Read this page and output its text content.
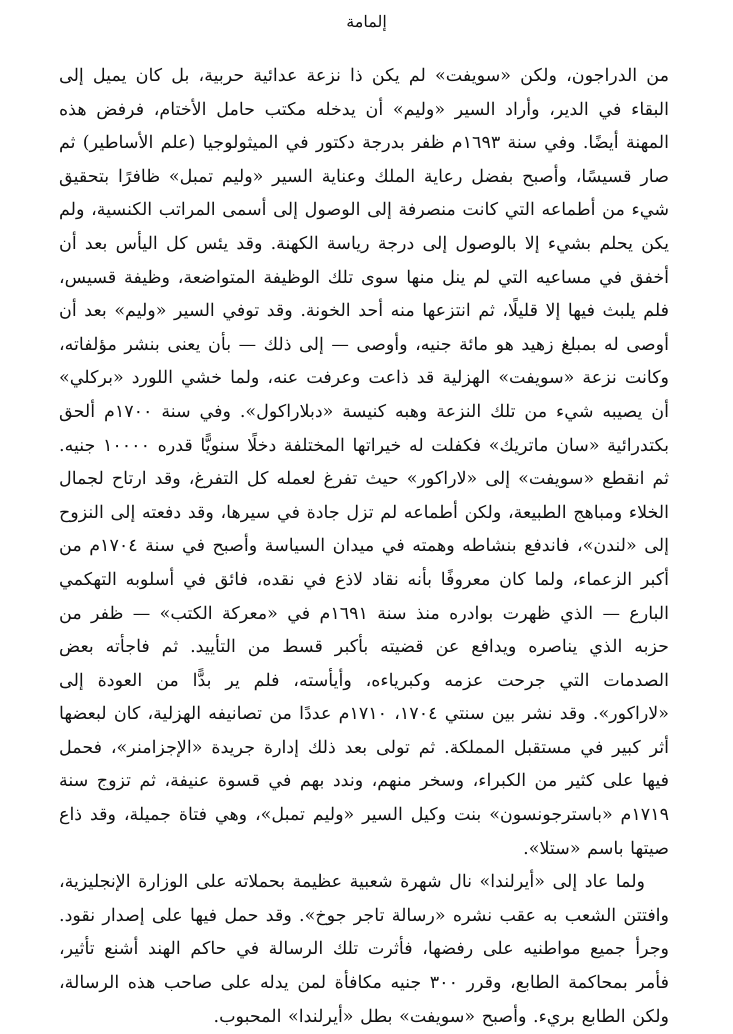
إلمامة

من الدراجون، ولكن «سويفت» لم يكن ذا نزعة عدائية حربية، بل كان يميل إلى البقاء في الدير، وأراد السير «وليم» أن يدخله مكتب حامل الأختام، فرفض هذه المهنة أيضًا. وفي سنة ١٦٩٣م ظفر بدرجة دكتور في الميثولوجيا (علم الأساطير) ثم صار قسيسًا، وأصبح بفضل رعاية الملك وعناية السير «وليم تمبل» ظافرًا بتحقيق شيء من أطماعه التي كانت منصرفة إلى الوصول إلى أسمى المراتب الكنسية، ولم يكن يحلم بشيء إلا بالوصول إلى درجة رياسة الكهنة. وقد يئس كل اليأس بعد أن أخفق في مساعيه التي لم ينل منها سوى تلك الوظيفة المتواضعة، وظيفة قسيس، فلم يلبث فيها إلا قليلًا، ثم انتزعها منه أحد الخونة. وقد توفي السير «وليم» بعد أن أوصى له بمبلغ زهيد هو مائة جنيه، وأوصى — إلى ذلك — بأن يعنى بنشر مؤلفاته، وكانت نزعة «سويفت» الهزلية قد ذاعت وعرفت عنه، ولما خشي اللورد «بركلي» أن يصيبه شيء من تلك النزعة وهبه كنيسة «دبلاراكول». وفي سنة ١٧٠٠م ألحق بكتدرائية «سان ماتريك» فكفلت له خيراتها المختلفة دخلًا سنويًّا قدره ١٠٠٠٠ جنيه. ثم انقطع «سويفت» إلى «لاراكور» حيث تفرغ لعمله كل التفرغ، وقد ارتاح لجمال الخلاء ومباهج الطبيعة، ولكن أطماعه لم تزل جادة في سيرها، وقد دفعته إلى النزوح إلى «لندن»، فاندفع بنشاطه وهمته في ميدان السياسة وأصبح في سنة ١٧٠٤م من أكبر الزعماء، ولما كان معروفًا بأنه نقاد لاذع في نقده، فائق في أسلوبه التهكمي البارع — الذي ظهرت بوادره منذ سنة ١٦٩١م في «معركة الكتب» — ظفر من حزبه الذي يناصره ويدافع عن قضيته بأكبر قسط من التأييد. ثم فاجأته بعض الصدمات التي جرحت عزمه وكبرياءه، وأيأسته، فلم ير بدًّا من العودة إلى «لاراكور». وقد نشر بين سنتي ١٧٠٤، ١٧١٠م عددًا من تصانيفه الهزلية، كان لبعضها أثر كبير في مستقبل المملكة. ثم تولى بعد ذلك إدارة جريدة «الإجزامنر»، فحمل فيها على كثير من الكبراء، وسخر منهم، وندد بهم في قسوة عنيفة، ثم تزوج سنة ١٧١٩م «باسترجونسون» بنت وكيل السير «وليم تمبل»، وهي فتاة جميلة، وقد ذاع صيتها باسم «ستلا».

ولما عاد إلى «أيرلندا» نال شهرة شعبية عظيمة بحملاته على الوزارة الإنجليزية، وافتتن الشعب به عقب نشره «رسالة تاجر جوخ». وقد حمل فيها على إصدار نقود. وجرأ جميع مواطنيه على رفضها، فأثرت تلك الرسالة في حاكم الهند أشنع تأثير، فأمر بمحاكمة الطابع، وقرر ٣٠٠ جنيه مكافأة لمن يدله على صاحب هذه الرسالة، ولكن الطابع بريء. وأصبح «سويفت» بطل «أيرلندا» المحبوب.
